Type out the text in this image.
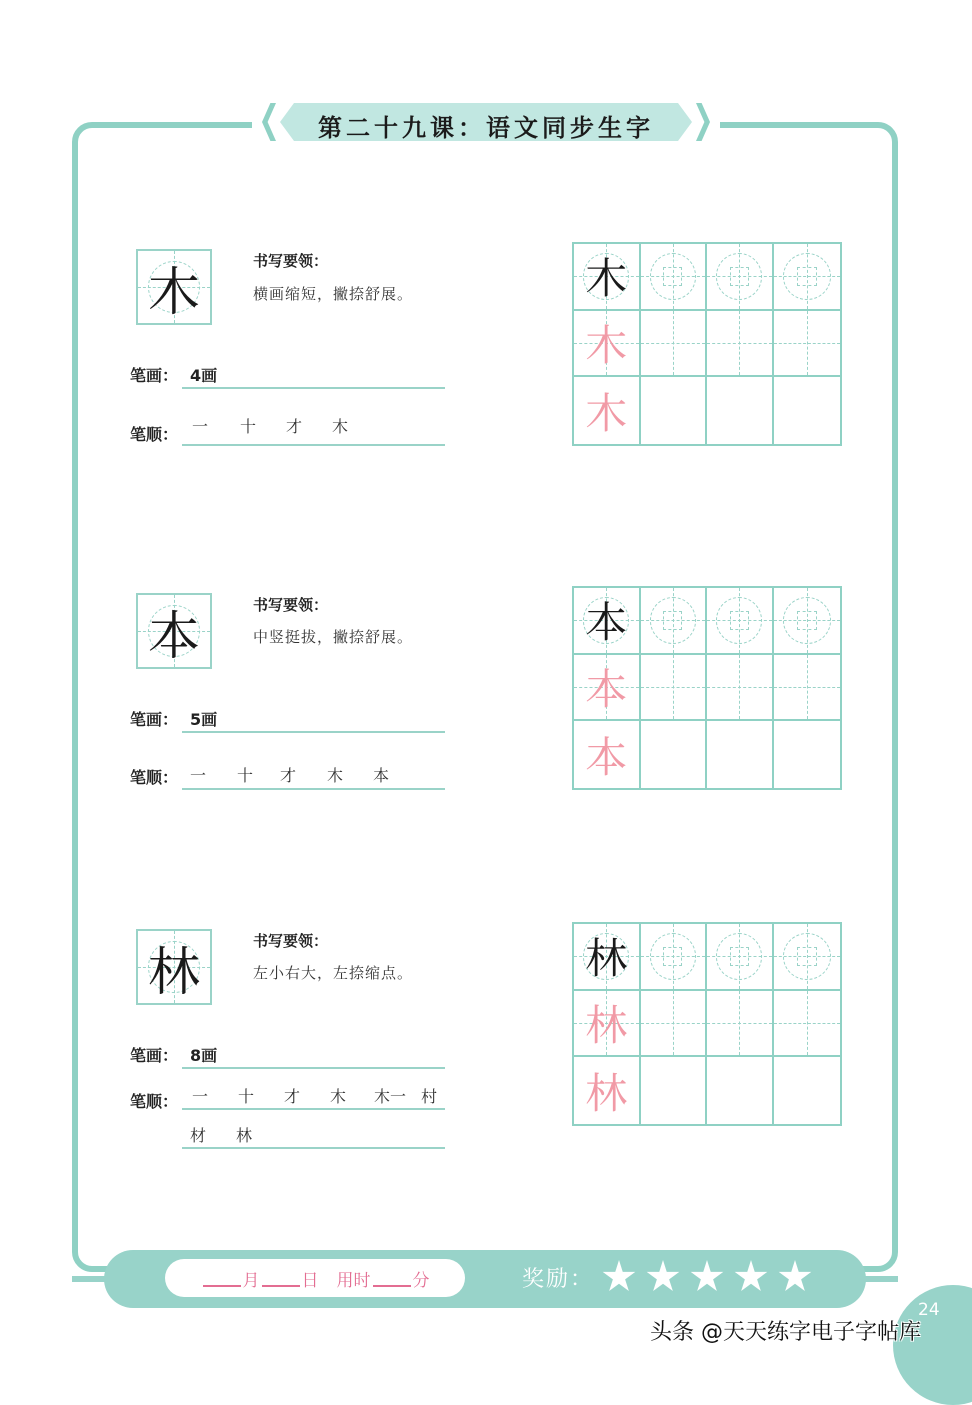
第二十九课：语文同步生字
木
书写要领：
横画缩短，撇捺舒展。
笔画： 4画
笔顺： 一 十 才 木
木
木
木
本
书写要领：
中竖挺拔，撇捺舒展。
笔画： 5画
笔顺： 一 十 才 木 本
本
本
本
林
书写要领：
左小右大，左捺缩点。
笔画： 8画
笔顺： 一 十 才 木 木一 村
材 林
林
林
林
月 日 用时 分	奖励：
24
头条 @天天练字电子字帖库
